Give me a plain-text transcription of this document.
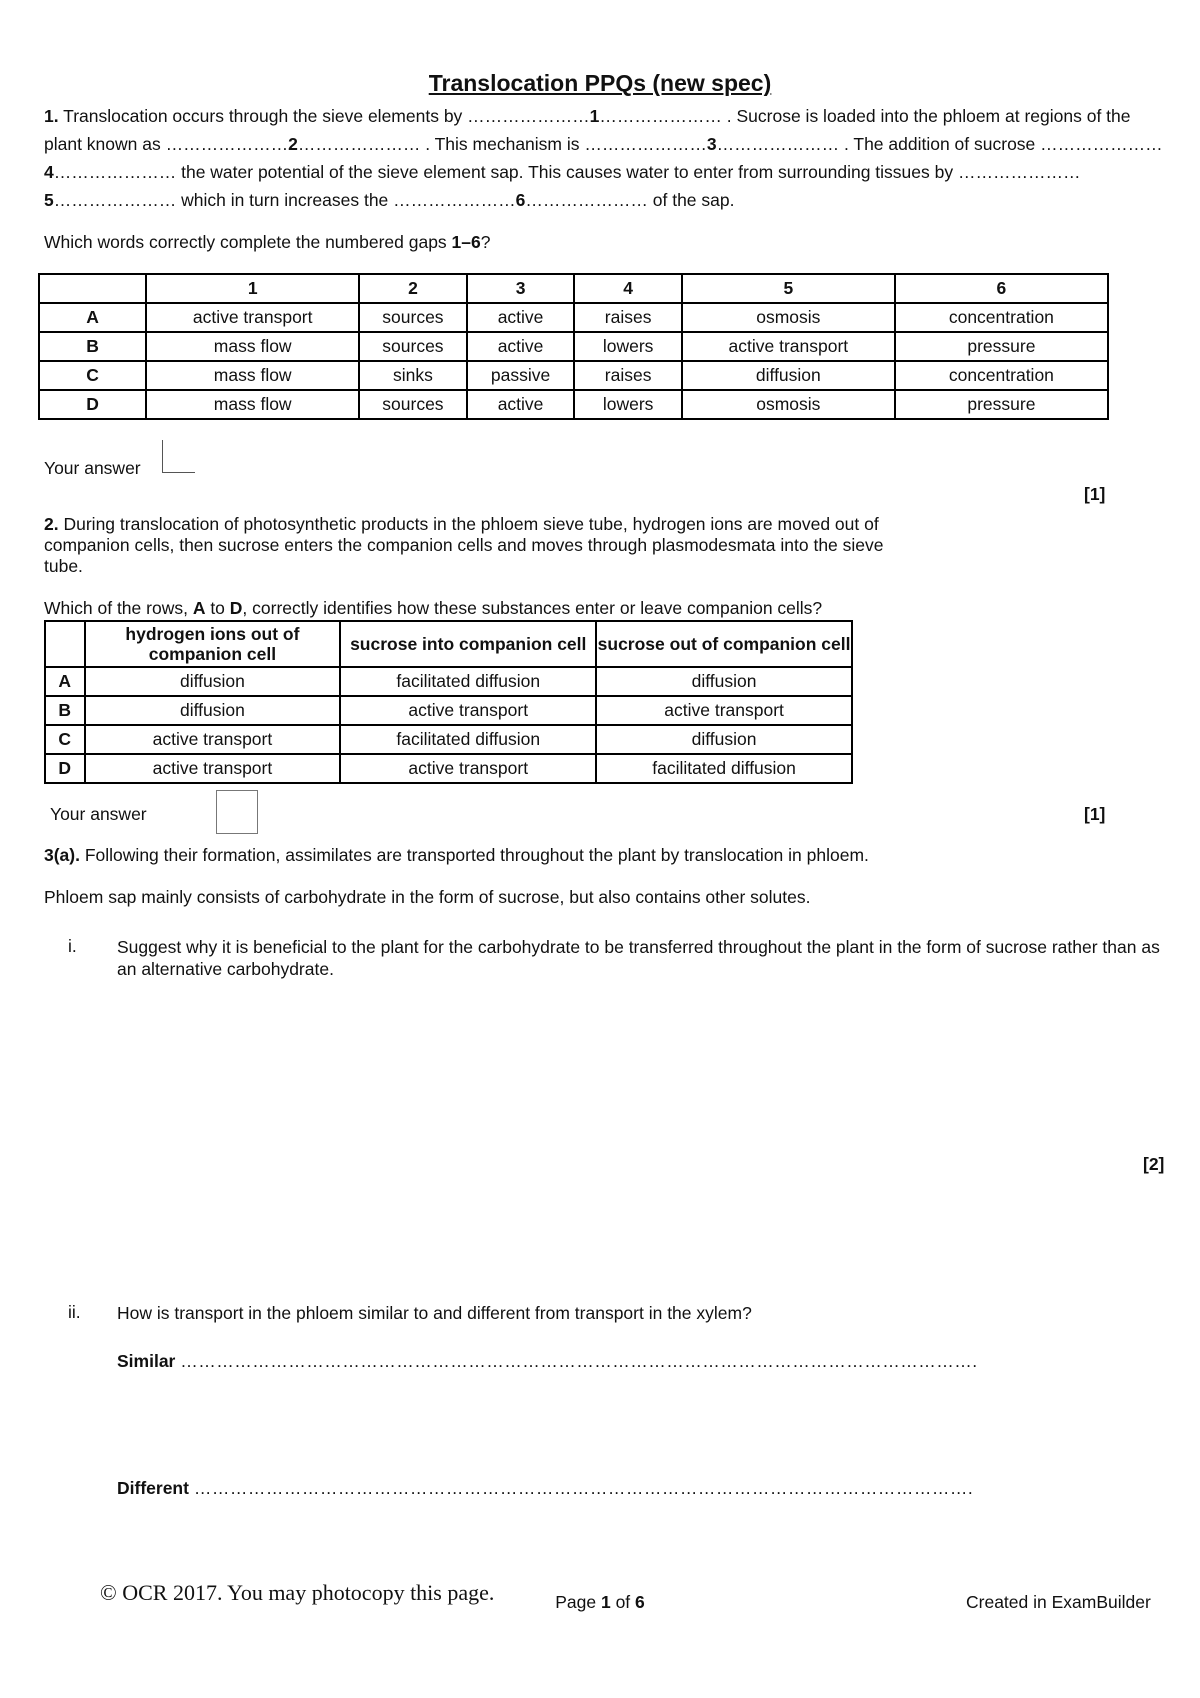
Translocation PPQs (new spec)
1. Translocation occurs through the sieve elements by …………………1………………… . Sucrose is loaded into the phloem at regions of the plant known as …………………2………………… . This mechanism is …………………3………………… . The addition of sucrose …………………4………………… the water potential of the sieve element sap. This causes water to enter from surrounding tissues by …………………5………………… which in turn increases the …………………6………………… of the sap.
Which words correctly complete the numbered gaps 1–6?
	1	2	3	4	5	6
A	active transport	sources	active	raises	osmosis	concentration
B	mass flow	sources	active	lowers	active transport	pressure
C	mass flow	sinks	passive	raises	diffusion	concentration
D	mass flow	sources	active	lowers	osmosis	pressure
Your answer
[1]
2. During translocation of photosynthetic products in the phloem sieve tube, hydrogen ions are moved out of companion cells, then sucrose enters the companion cells and moves through plasmodesmata into the sieve tube.
Which of the rows, A to D, correctly identifies how these substances enter or leave companion cells?
	hydrogen ions out of companion cell	sucrose into companion cell	sucrose out of companion cell
A	diffusion	facilitated diffusion	diffusion
B	diffusion	active transport	active transport
C	active transport	facilitated diffusion	diffusion
D	active transport	active transport	facilitated diffusion
Your answer	[1]
3(a). Following their formation, assimilates are transported throughout the plant by translocation in phloem.
Phloem sap mainly consists of carbohydrate in the form of sucrose, but also contains other solutes.
i. Suggest why it is beneficial to the plant for the carbohydrate to be transferred throughout the plant in the form of sucrose rather than as an alternative carbohydrate.
[2]
ii. How is transport in the phloem similar to and different from transport in the xylem?
Similar …………………………………………………………………………………………………………………….
Different ………………………………………………………………………………………………………………….
© OCR 2017. You may photocopy this page.	Page 1 of 6	Created in ExamBuilder
